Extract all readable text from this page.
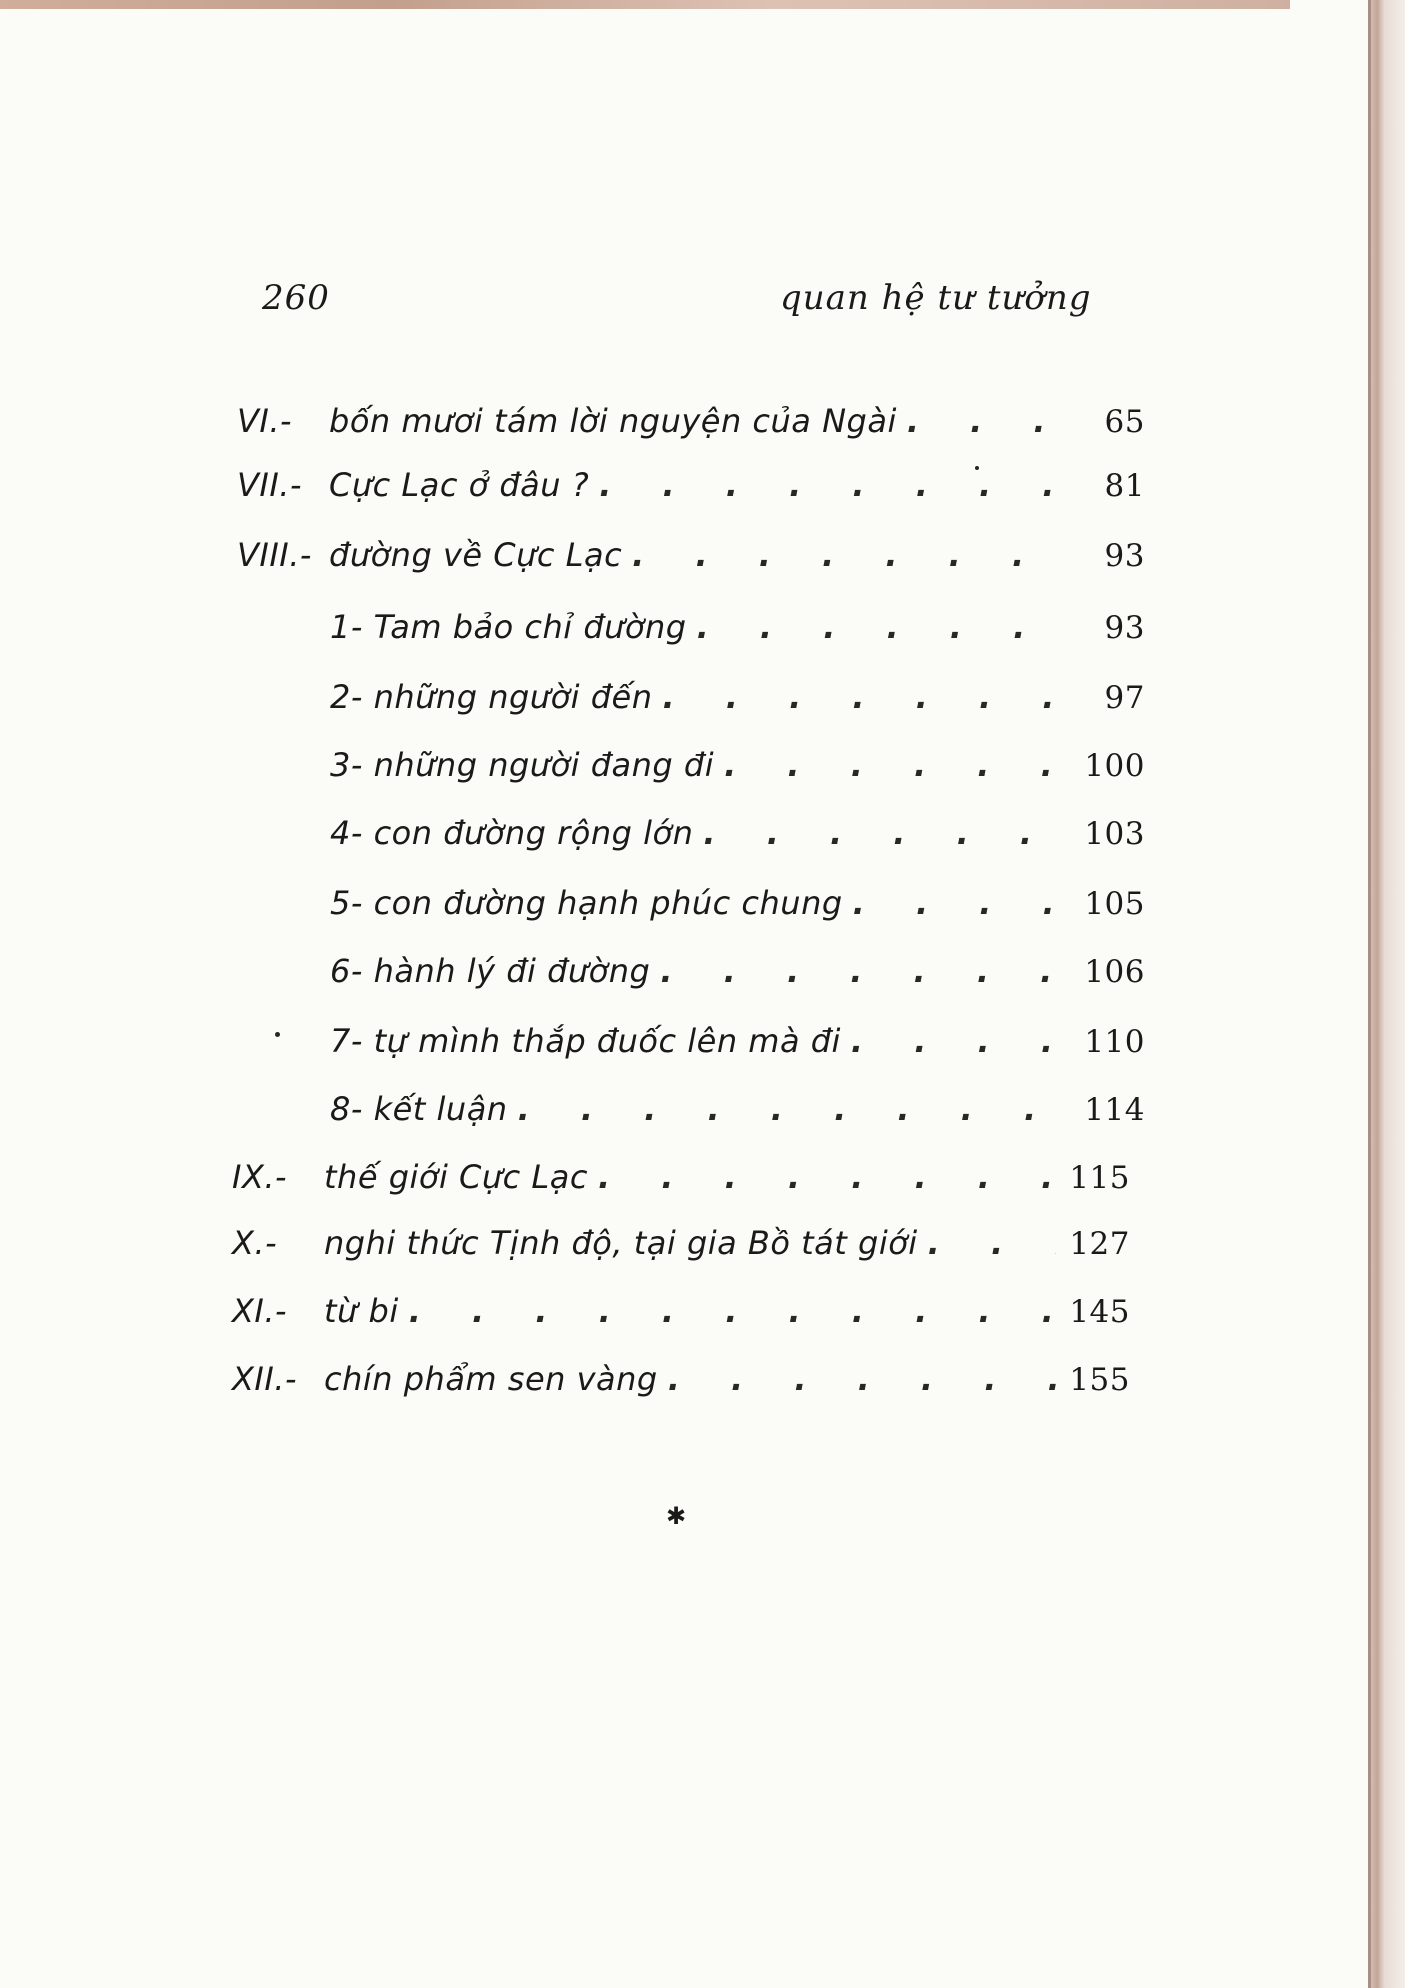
260	quan hệ tư tưởng
VI.-	bốn mươi tám lời nguyện của Ngài . . .	65
VII.- Cực Lạc ở đâu ? . . .	81
VIII.- đường về Cực Lạc . . .	93
1- Tam bảo chỉ đường . . .	93
2- những người đến . . .	97
3- những người đang đi . . .	100
4- con đường rộng lớn . . .	103
5- con đường hạnh phúc chung . . .	105
6- hành lý đi đường . . .	106
7- tự mình thắp đuốc lên mà đi . . .	110
8- kết luận . . .	114
IX.-	thế giới Cực Lạc . . .	115
X.-	nghi thức Tịnh độ, tại gia Bồ tát giới . . .	127
XI.-	từ bi . . .	145
XII.- chín phẩm sen vàng . . .	155
✱
